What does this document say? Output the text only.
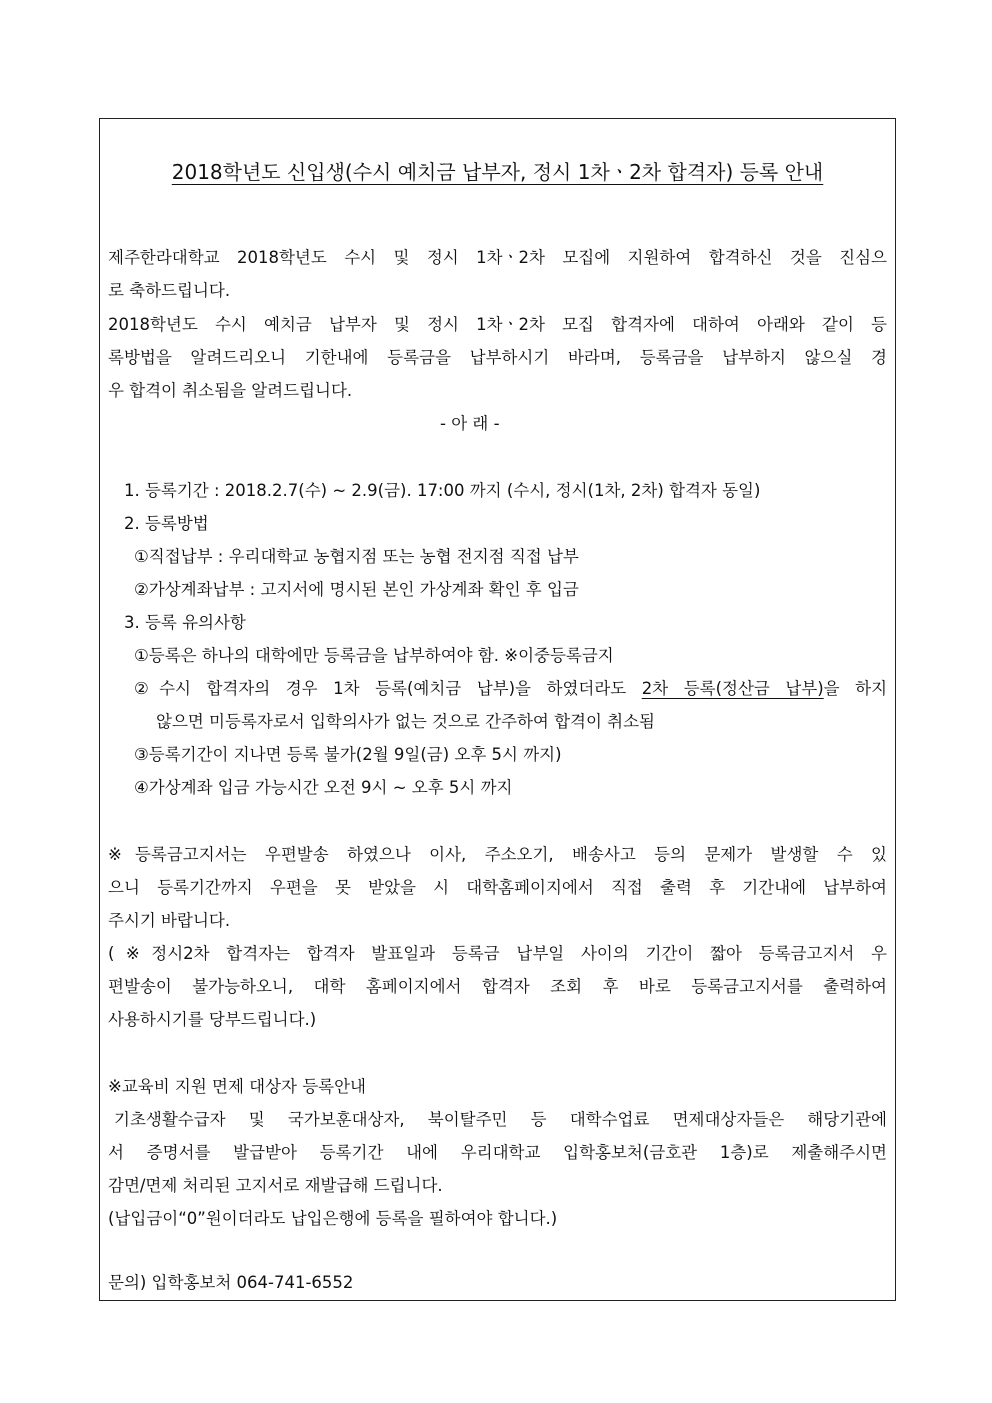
2018학년도 신입생(수시 예치금 납부자, 정시 1차ㆍ2차 합격자) 등록 안내

제주한라대학교 2018학년도 수시 및 정시 1차ㆍ2차 모집에 지원하여 합격하신 것을 진심으

로 축하드립니다.

2018학년도 수시 예치금 납부자 및 정시 1차ㆍ2차 모집 합격자에 대하여 아래와 같이 등

록방법을 알려드리오니 기한내에 등록금을 납부하시기 바라며, 등록금을 납부하지 않으실 경

우 합격이 취소됨을 알려드립니다.

- 아 래 -

1. 등록기간 : 2018.2.7(수) ~ 2.9(금). 17:00 까지 (수시, 정시(1차, 2차) 합격자 동일)

2. 등록방법

①직접납부 : 우리대학교 농협지점 또는 농협 전지점 직접 납부

②가상계좌납부 : 고지서에 명시된 본인 가상계좌 확인 후 입금

3. 등록 유의사항

①등록은 하나의 대학에만 등록금을 납부하여야 함. ※이중등록금지

②수시 합격자의 경우 1차 등록(예치금 납부)을 하였더라도 2차 등록(정산금 납부)을 하지

않으면 미등록자로서 입학의사가 없는 것으로 간주하여 합격이 취소됨

③등록기간이 지나면 등록 불가(2월 9일(금) 오후 5시 까지)

④가상계좌 입금 가능시간 오전 9시 ~ 오후 5시 까지

※등록금고지서는 우편발송 하였으나 이사, 주소오기, 배송사고 등의 문제가 발생할 수 있

으니 등록기간까지 우편을 못 받았을 시 대학홈페이지에서 직접 출력 후 기간내에 납부하여

주시기 바랍니다.

(※정시2차 합격자는 합격자 발표일과 등록금 납부일 사이의 기간이 짧아 등록금고지서 우

편발송이 불가능하오니, 대학 홈페이지에서 합격자 조회 후 바로 등록금고지서를 출력하여

사용하시기를 당부드립니다.)

※교육비 지원 면제 대상자 등록안내

기초생활수급자 및 국가보훈대상자, 북이탈주민 등 대학수업료 면제대상자들은 해당기관에

서 증명서를 발급받아 등록기간 내에 우리대학교 입학홍보처(금호관 1층)로 제출해주시면

감면/면제 처리된 고지서로 재발급해 드립니다.

(납입금이“0”원이더라도 납입은행에 등록을 필하여야 합니다.)

문의) 입학홍보처 064-741-6552
